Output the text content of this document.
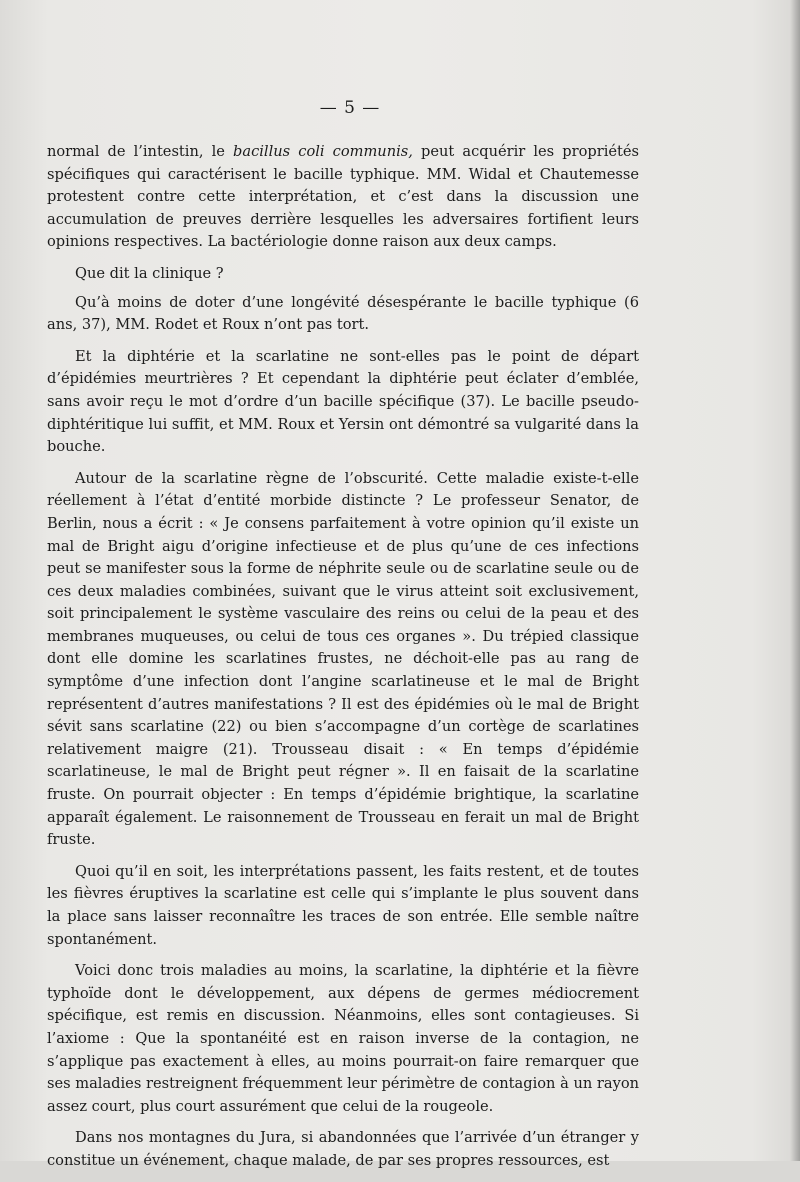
— 5 —

normal de l’intestin, le bacillus coli communis, peut acquérir les propriétés spécifiques qui caractérisent le bacille typhique. MM. Widal et Chautemesse protestent contre cette interprétation, et c’est dans la discussion une accumulation de preuves derrière lesquelles les adversaires fortifient leurs opinions respectives. La bactériologie donne raison aux deux camps.

Que dit la clinique ?

Qu’à moins de doter d’une longévité désespérante le bacille typhique (6 ans, 37), MM. Rodet et Roux n’ont pas tort.

Et la diphtérie et la scarlatine ne sont-elles pas le point de départ d’épidémies meurtrières ? Et cependant la diphtérie peut éclater d’emblée, sans avoir reçu le mot d’ordre d’un bacille spécifique (37). Le bacille pseudo-diphtéritique lui suffit, et MM. Roux et Yersin ont démontré sa vulgarité dans la bouche.

Autour de la scarlatine règne de l’obscurité. Cette maladie existe-t-elle réellement à l’état d’entité morbide distincte ? Le professeur Senator, de Berlin, nous a écrit : « Je consens parfaitement à votre opinion qu’il existe un mal de Bright aigu d’origine infectieuse et de plus qu’une de ces infections peut se manifester sous la forme de néphrite seule ou de scarlatine seule ou de ces deux maladies combinées, suivant que le virus atteint soit exclusivement, soit principalement le système vasculaire des reins ou celui de la peau et des membranes muqueuses, ou celui de tous ces organes ». Du trépied classique dont elle domine les scarlatines frustes, ne déchoit-elle pas au rang de symptôme d’une infection dont l’angine scarlatineuse et le mal de Bright représentent d’autres manifestations ? Il est des épidémies où le mal de Bright sévit sans scarlatine (22) ou bien s’accompagne d’un cortège de scarlatines relativement maigre (21). Trousseau disait : « En temps d’épidémie scarlatineuse, le mal de Bright peut régner ». Il en faisait de la scarlatine fruste. On pourrait objecter : En temps d’épidémie brightique, la scarlatine apparaît également. Le raisonnement de Trousseau en ferait un mal de Bright fruste.

Quoi qu’il en soit, les interprétations passent, les faits restent, et de toutes les fièvres éruptives la scarlatine est celle qui s’implante le plus souvent dans la place sans laisser reconnaître les traces de son entrée. Elle semble naître spontanément.

Voici donc trois maladies au moins, la scarlatine, la diphtérie et la fièvre typhoïde dont le développement, aux dépens de germes médiocrement spécifique, est remis en discussion. Néanmoins, elles sont contagieuses. Si l’axiome : Que la spontanéité est en raison inverse de la contagion, ne s’applique pas exactement à elles, au moins pourrait-on faire remarquer que ses maladies restreignent fréquemment leur périmètre de contagion à un rayon assez court, plus court assurément que celui de la rougeole.

Dans nos montagnes du Jura, si abandonnées que l’arrivée d’un étranger y constitue un événement, chaque malade, de par ses propres ressources, est
